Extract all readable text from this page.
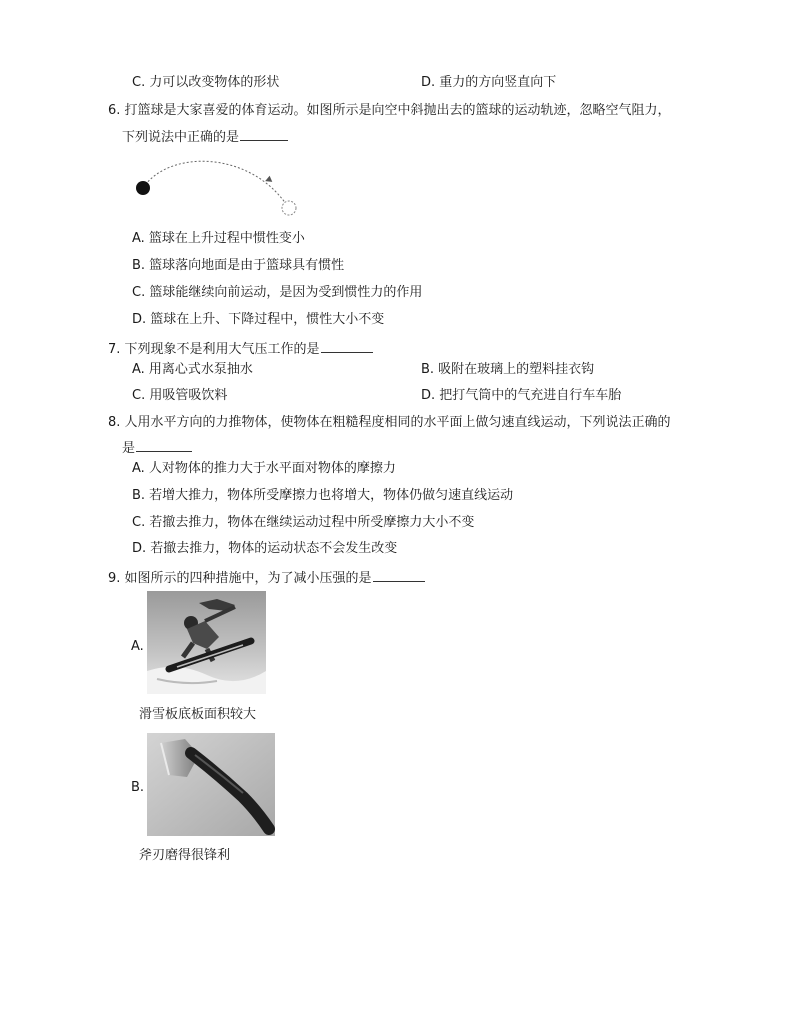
C. 力可以改变物体的形状	D. 重力的方向竖直向下
6. 打篮球是大家喜爱的体育运动。如图所示是向空中斜抛出去的篮球的运动轨迹，忽略空气阻力，
下列说法中正确的是
A. 篮球在上升过程中惯性变小
B. 篮球落向地面是由于篮球具有惯性
C. 篮球能继续向前运动，是因为受到惯性力的作用
D. 篮球在上升、下降过程中，惯性大小不变
7. 下列现象不是利用大气压工作的是
A. 用离心式水泵抽水	B. 吸附在玻璃上的塑料挂衣钩
C. 用吸管吸饮料	D. 把打气筒中的气充进自行车车胎
8. 人用水平方向的力推物体，使物体在粗糙程度相同的水平面上做匀速直线运动，下列说法正确的
是
A. 人对物体的推力大于水平面对物体的摩擦力
B. 若增大推力，物体所受摩擦力也将增大，物体仍做匀速直线运动
C. 若撤去推力，物体在继续运动过程中所受摩擦力大小不变
D. 若撤去推力，物体的运动状态不会发生改变
9. 如图所示的四种措施中，为了减小压强的是
A.
滑雪板底板面积较大
B.
斧刃磨得很锋利
